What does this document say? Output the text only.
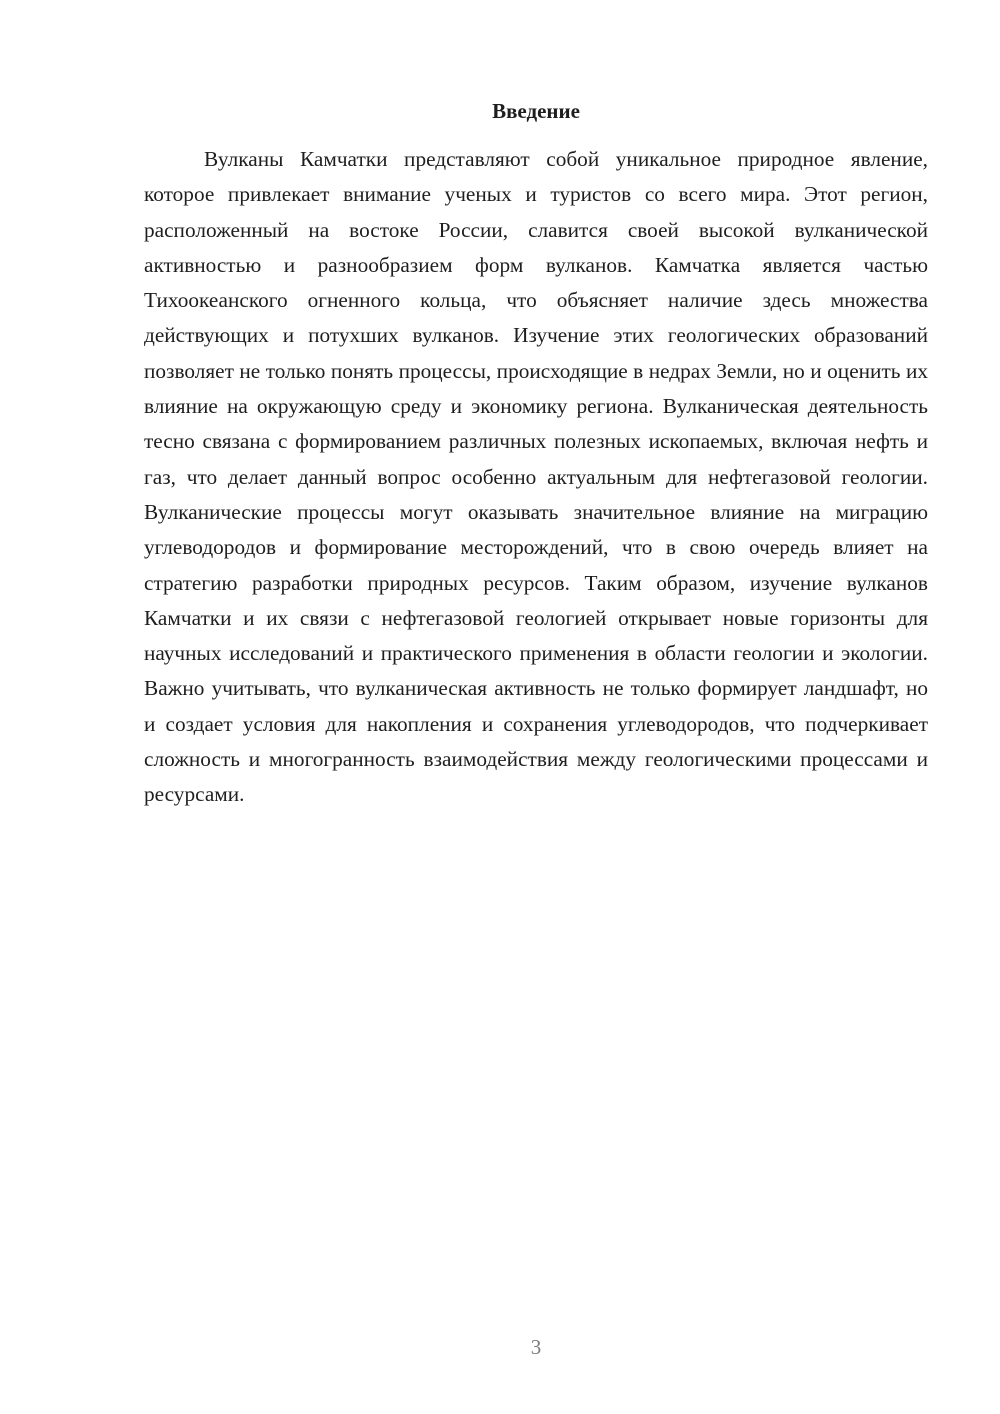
Введение

Вулканы Камчатки представляют собой уникальное природное явление, которое привлекает внимание ученых и туристов со всего мира. Этот регион, расположенный на востоке России, славится своей высокой вулканической активностью и разнообразием форм вулканов. Камчатка является частью Тихоокеанского огненного кольца, что объясняет наличие здесь множества действующих и потухших вулканов. Изучение этих геологических образований позволяет не только понять процессы, происходящие в недрах Земли, но и оценить их влияние на окружающую среду и экономику региона. Вулканическая деятельность тесно связана с формированием различных полезных ископаемых, включая нефть и газ, что делает данный вопрос особенно актуальным для нефтегазовой геологии. Вулканические процессы могут оказывать значительное влияние на миграцию углеводородов и формирование месторождений, что в свою очередь влияет на стратегию разработки природных ресурсов. Таким образом, изучение вулканов Камчатки и их связи с нефтегазовой геологией открывает новые горизонты для научных исследований и практического применения в области геологии и экологии. Важно учитывать, что вулканическая активность не только формирует ландшафт, но и создает условия для накопления и сохранения углеводородов, что подчеркивает сложность и многогранность взаимодействия между геологическими процессами и ресурсами.

3
